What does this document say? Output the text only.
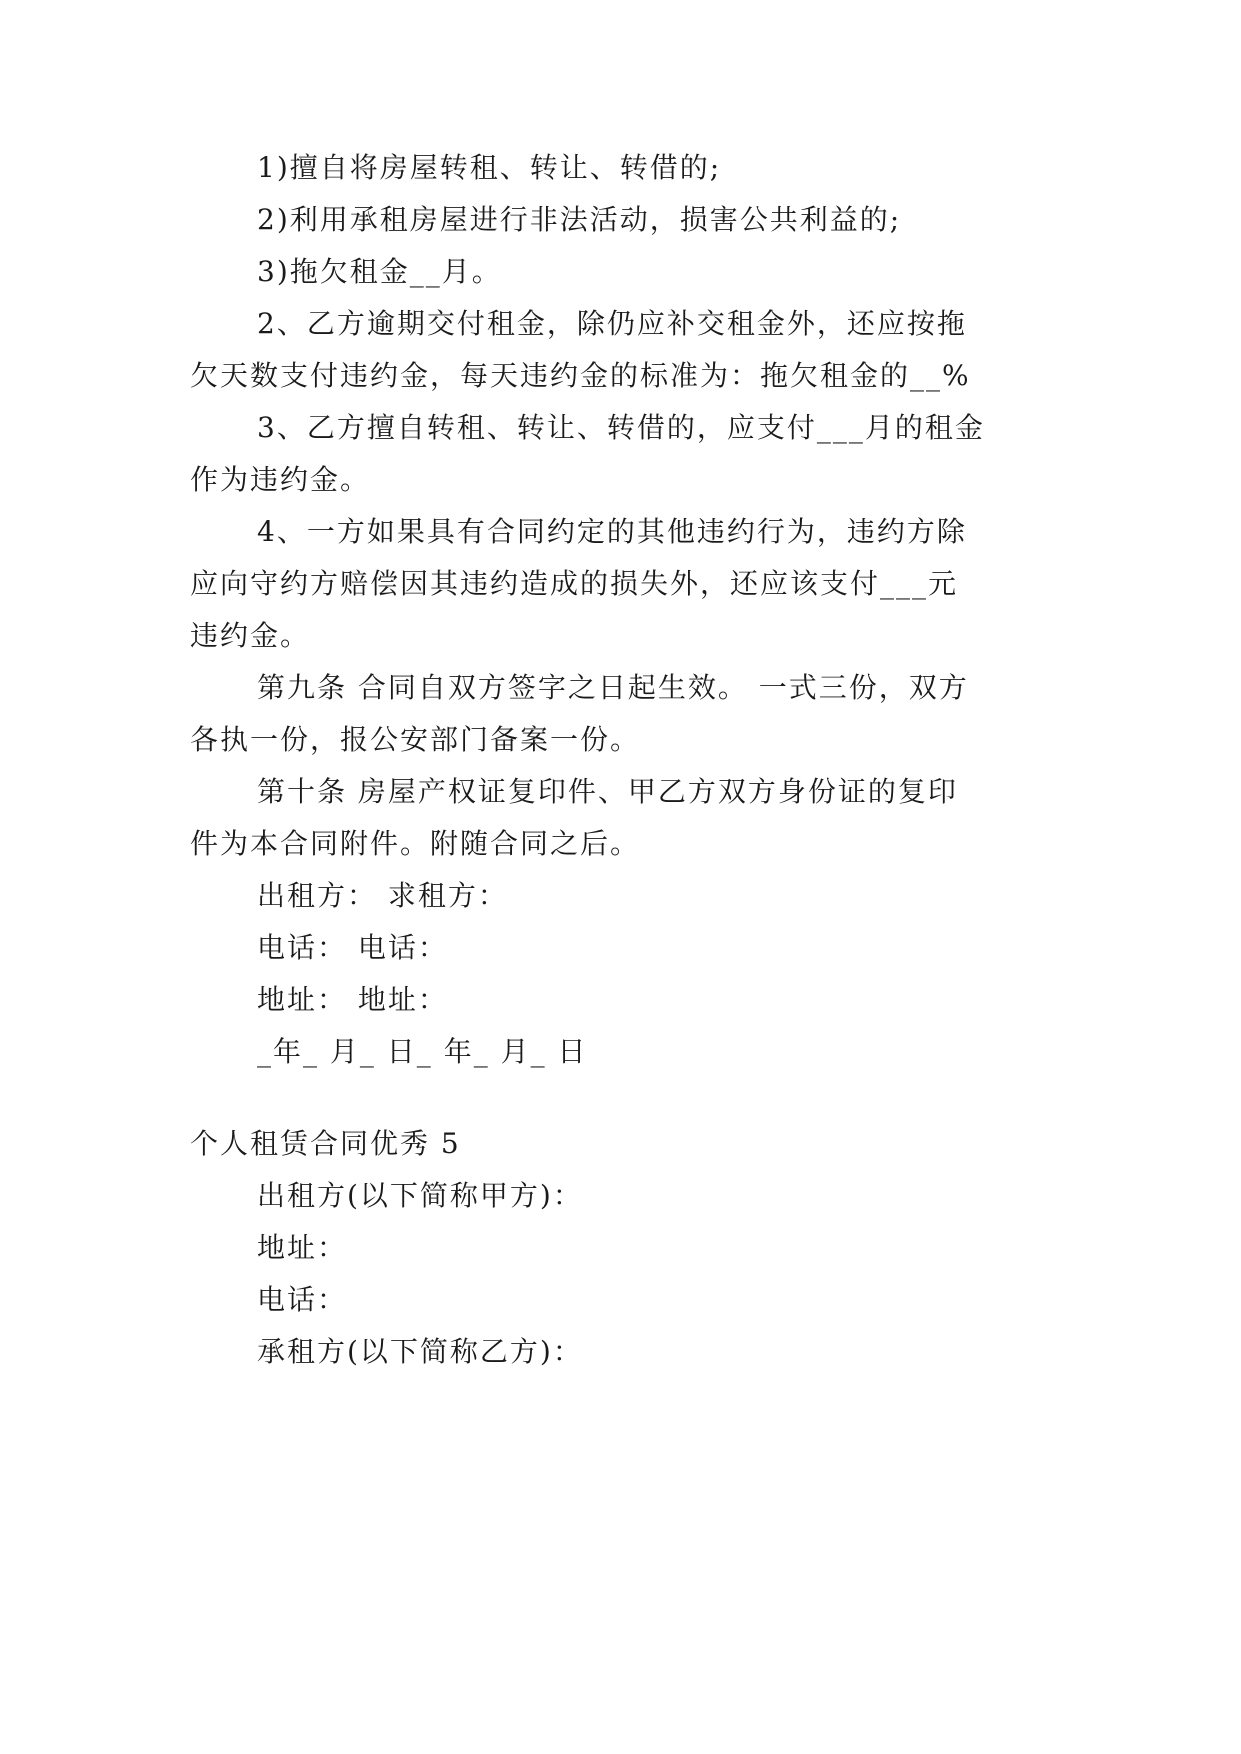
1)擅自将房屋转租、转让、转借的;
2)利用承租房屋进行非法活动，损害公共利益的;
3)拖欠租金__月。
2、乙方逾期交付租金，除仍应补交租金外，还应按拖
欠天数支付违约金，每天违约金的标准为：拖欠租金的__%
3、乙方擅自转租、转让、转借的，应支付___月的租金
作为违约金。
4、一方如果具有合同约定的其他违约行为，违约方除
应向守约方赔偿因其违约造成的损失外，还应该支付___元
违约金。
第九条 合同自双方签字之日起生效。 一式三份，双方
各执一份，报公安部门备案一份。
第十条 房屋产权证复印件、甲乙方双方身份证的复印
件为本合同附件。附随合同之后。
出租方： 求租方：
电话： 电话：
地址： 地址：
_年_ 月_ 日_ 年_ 月_ 日
个人租赁合同优秀 5
出租方(以下简称甲方)：
地址：
电话：
承租方(以下简称乙方)：
